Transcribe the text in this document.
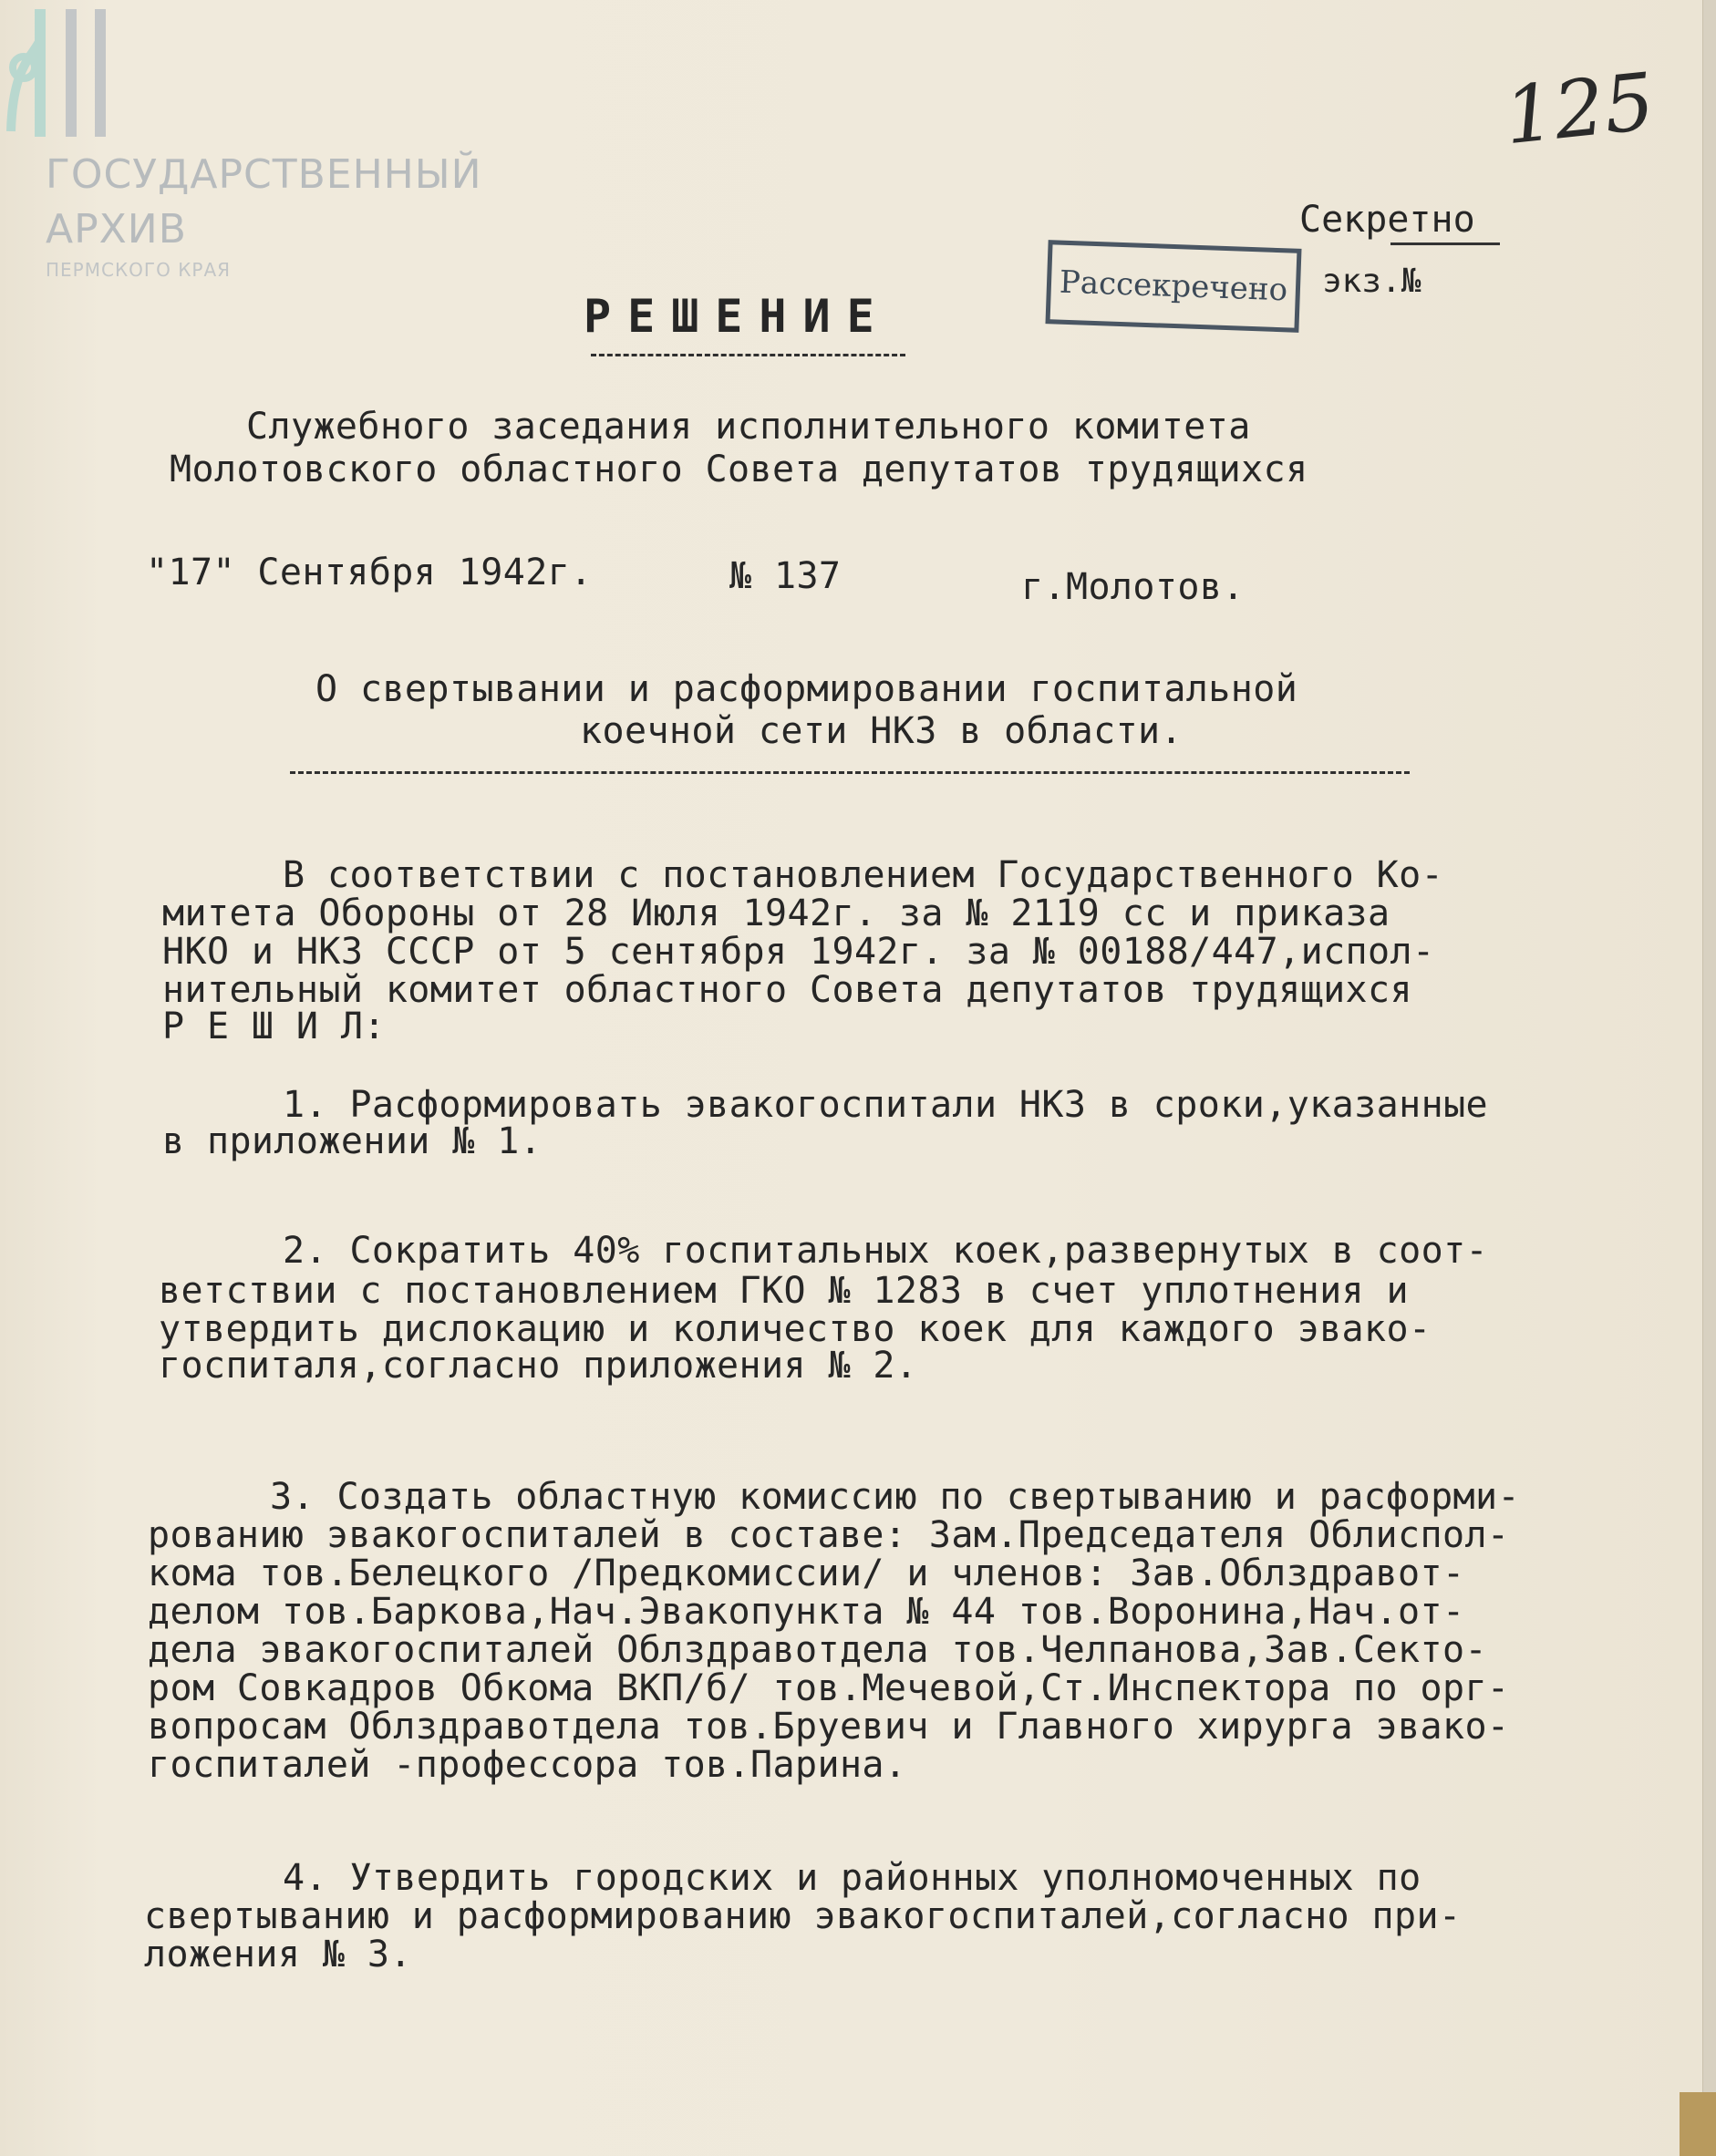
ГОСУДАРСТВЕННЫЙ
АРХИВ
ПЕРМСКОГО КРАЯ
125
Секретно
экз.№
Рассекречено
РЕШЕНИЕ
Служебного заседания исполнительного комитета
Молотовского областного Совета депутатов трудящихся
"17" Сентября 1942г.	№ 137	г.Молотов.
О свертывании и расформировании госпитальной
коечной сети НКЗ в области.
В соответствии с постановлением Государственного Ко-
митета Обороны от 28 Июля 1942г. за № 2119 сс и приказа
НКО и НКЗ СССР от 5 сентября 1942г. за № 00188/447,испол-
нительный комитет областного Совета депутатов трудящихся
Р Е Ш И Л:
1. Расформировать эвакогоспитали НКЗ в сроки,указанные
в приложении № 1.
2. Сократить 40% госпитальных коек,развернутых в соот-
ветствии с постановлением ГКО № 1283 в счет уплотнения и
утвердить дислокацию и количество коек для каждого эвако-
госпиталя,согласно приложения № 2.
3. Создать областную комиссию по свертыванию и расформи-
рованию эвакогоспиталей в составе: Зам.Председателя Облиспол-
кома тов.Белецкого /Предкомиссии/ и членов: Зав.Облздравот-
делом тов.Баркова,Нач.Эвакопункта № 44 тов.Воронина,Нач.от-
дела эвакогоспиталей Облздравотдела тов.Челпанова,Зав.Секто-
ром Совкадров Обкома ВКП/б/ тов.Мечевой,Ст.Инспектора по орг-
вопросам Облздравотдела тов.Бруевич и Главного хирурга эвако-
госпиталей -профессора тов.Парина.
4. Утвердить городских и районных уполномоченных по
свертыванию и расформированию эвакогоспиталей,согласно при-
ложения № 3.
